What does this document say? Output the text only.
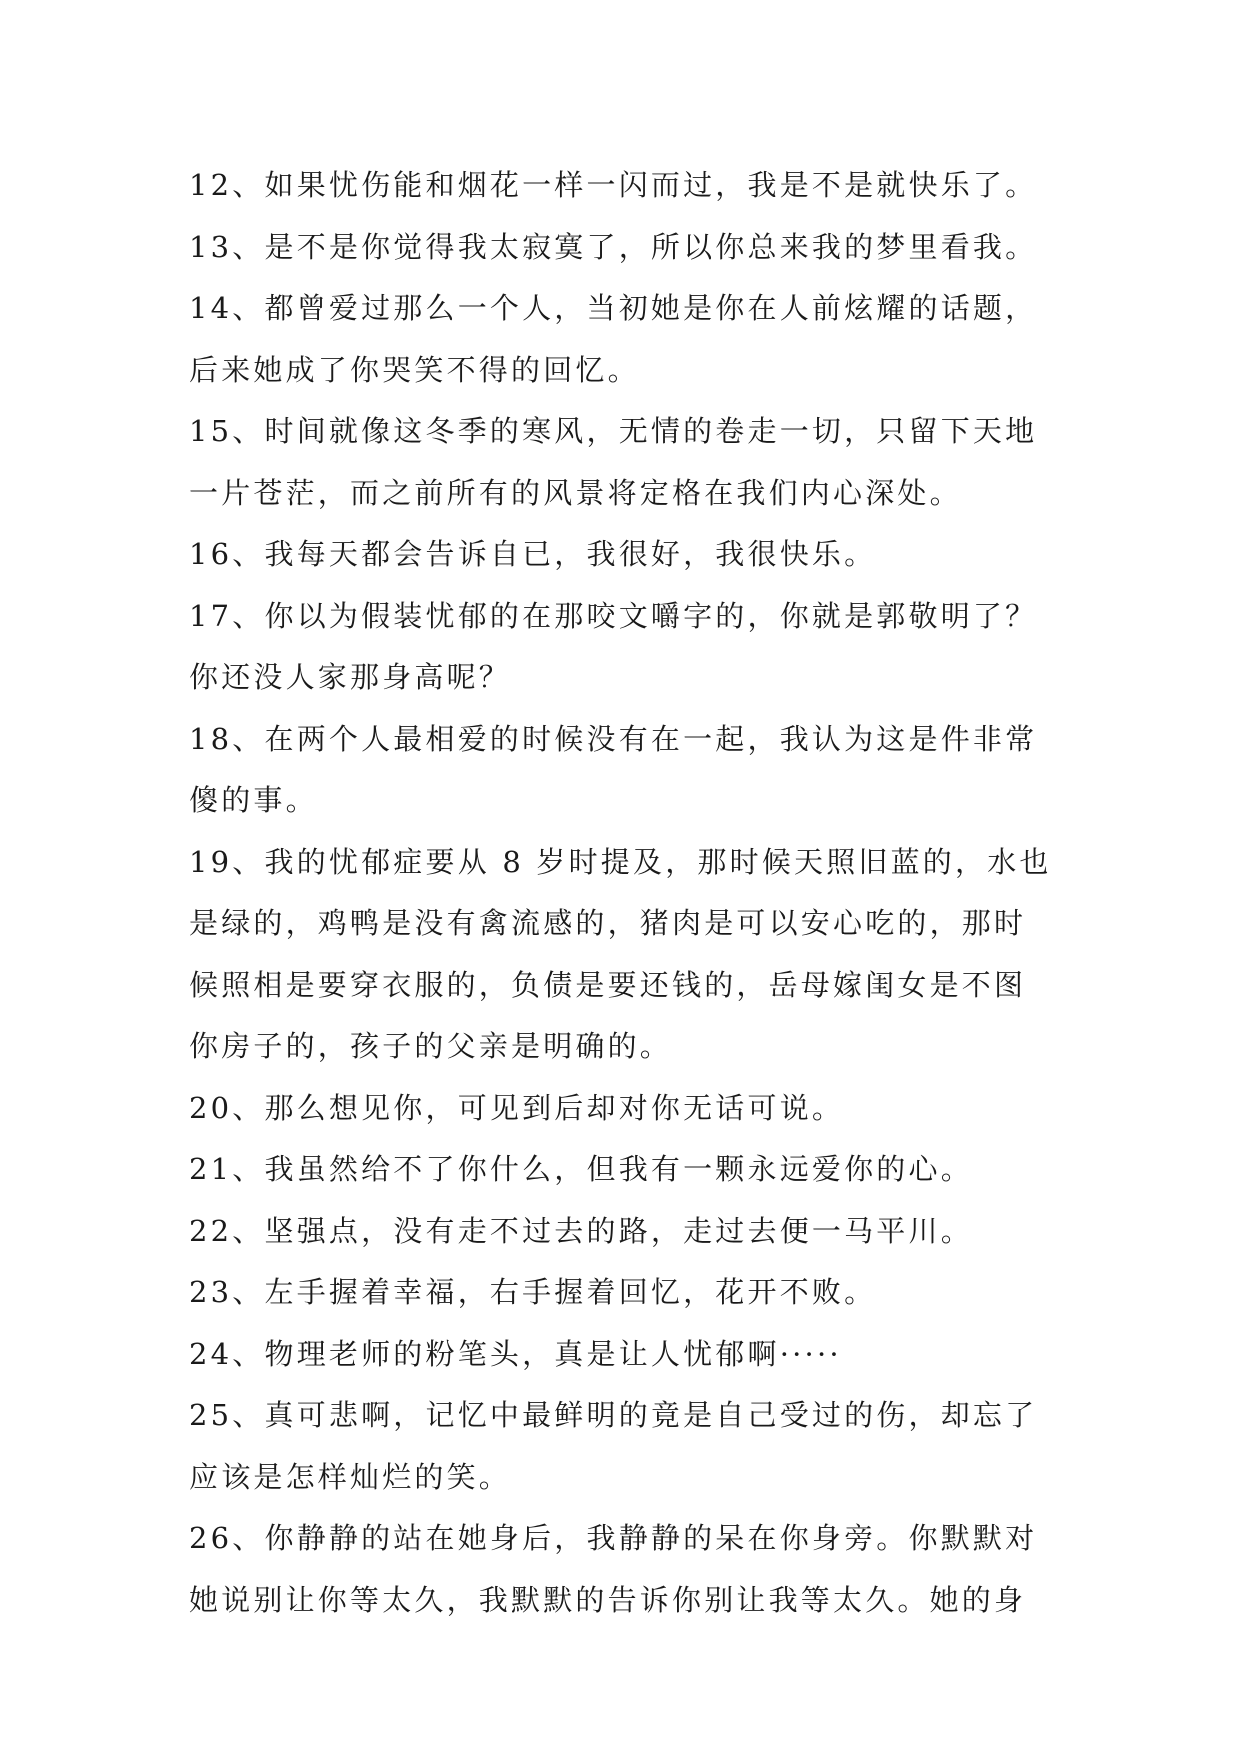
12、如果忧伤能和烟花一样一闪而过，我是不是就快乐了。
13、是不是你觉得我太寂寞了，所以你总来我的梦里看我。
14、都曾爱过那么一个人，当初她是你在人前炫耀的话题，
后来她成了你哭笑不得的回忆。
15、时间就像这冬季的寒风，无情的卷走一切，只留下天地
一片苍茫，而之前所有的风景将定格在我们内心深处。
16、我每天都会告诉自已，我很好，我很快乐。
17、你以为假装忧郁的在那咬文嚼字的，你就是郭敬明了？
你还没人家那身高呢？
18、在两个人最相爱的时候没有在一起，我认为这是件非常
傻的事。
19、我的忧郁症要从 8 岁时提及，那时候天照旧蓝的，水也
是绿的，鸡鸭是没有禽流感的，猪肉是可以安心吃的，那时
候照相是要穿衣服的，负债是要还钱的，岳母嫁闺女是不图
你房子的，孩子的父亲是明确的。
20、那么想见你，可见到后却对你无话可说。
21、我虽然给不了你什么，但我有一颗永远爱你的心。
22、坚强点，没有走不过去的路，走过去便一马平川。
23、左手握着幸福，右手握着回忆，花开不败。
24、物理老师的粉笔头，真是让人忧郁啊·····
25、真可悲啊，记忆中最鲜明的竟是自己受过的伤，却忘了
应该是怎样灿烂的笑。
26、你静静的站在她身后，我静静的呆在你身旁。你默默对
她说别让你等太久，我默默的告诉你别让我等太久。她的身
